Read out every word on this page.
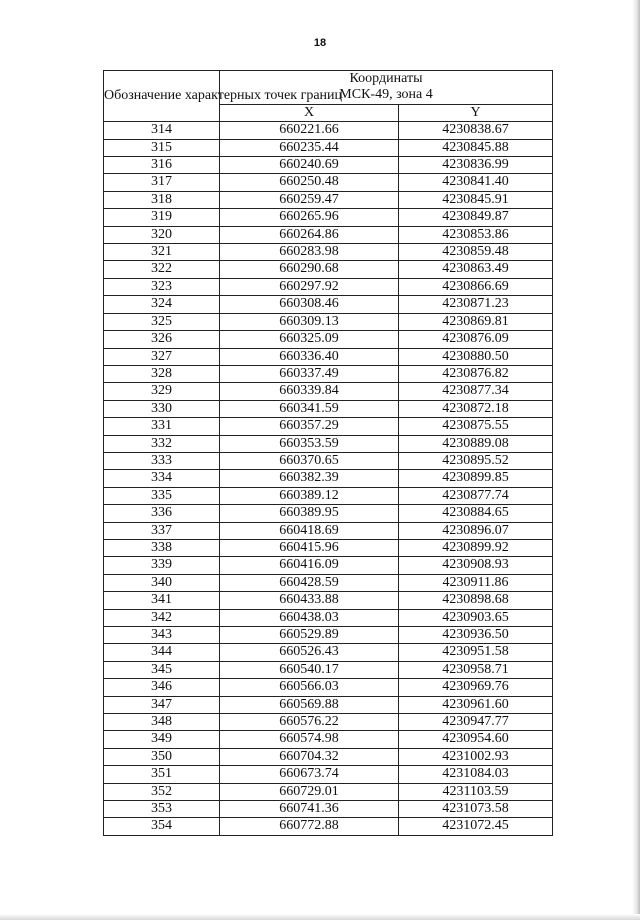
18
Обозначение характерных точек границ	Координаты	
	МСК-49, зона 4	
	X	Y
314	660221.66	4230838.67
315	660235.44	4230845.88
316	660240.69	4230836.99
317	660250.48	4230841.40
318	660259.47	4230845.91
319	660265.96	4230849.87
320	660264.86	4230853.86
321	660283.98	4230859.48
322	660290.68	4230863.49
323	660297.92	4230866.69
324	660308.46	4230871.23
325	660309.13	4230869.81
326	660325.09	4230876.09
327	660336.40	4230880.50
328	660337.49	4230876.82
329	660339.84	4230877.34
330	660341.59	4230872.18
331	660357.29	4230875.55
332	660353.59	4230889.08
333	660370.65	4230895.52
334	660382.39	4230899.85
335	660389.12	4230877.74
336	660389.95	4230884.65
337	660418.69	4230896.07
338	660415.96	4230899.92
339	660416.09	4230908.93
340	660428.59	4230911.86
341	660433.88	4230898.68
342	660438.03	4230903.65
343	660529.89	4230936.50
344	660526.43	4230951.58
345	660540.17	4230958.71
346	660566.03	4230969.76
347	660569.88	4230961.60
348	660576.22	4230947.77
349	660574.98	4230954.60
350	660704.32	4231002.93
351	660673.74	4231084.03
352	660729.01	4231103.59
353	660741.36	4231073.58
354	660772.88	4231072.45
